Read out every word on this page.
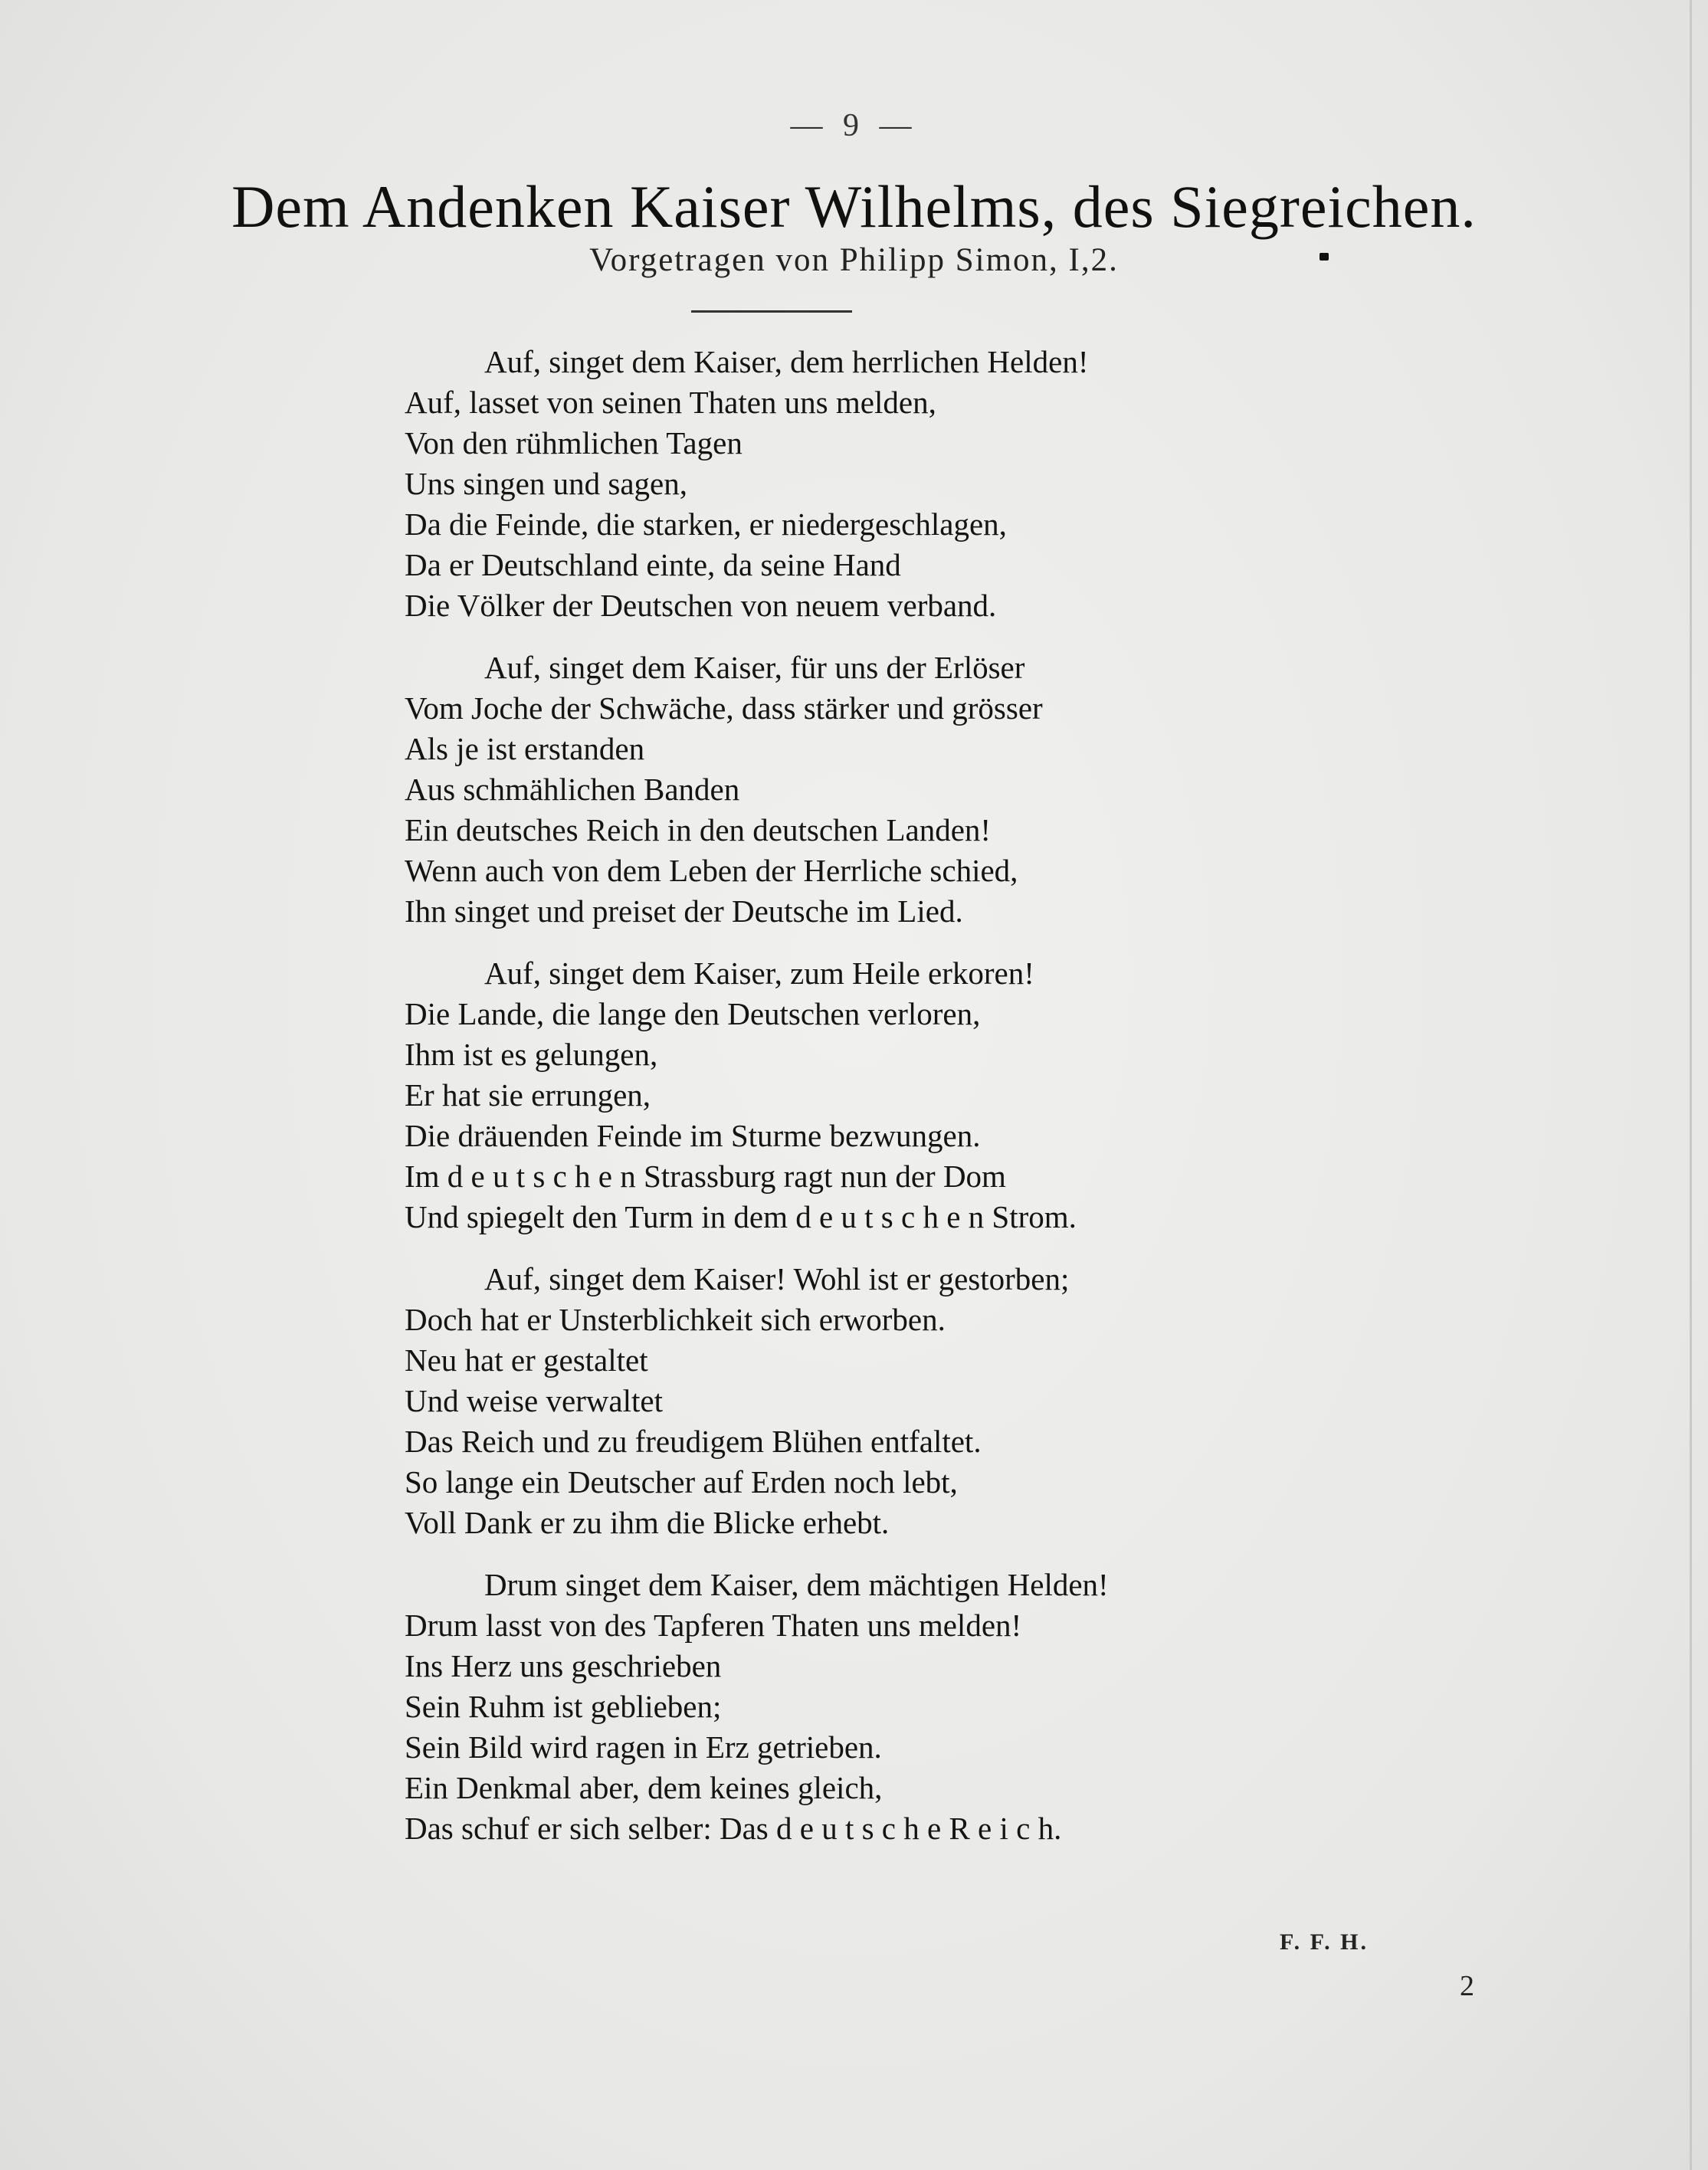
— 9 —
Dem Andenken Kaiser Wilhelms, des Siegreichen.
Vorgetragen von Philipp Simon, I,2.
Auf, singet dem Kaiser, dem herrlichen Helden!
Auf, lasset von seinen Thaten uns melden,
Von den rühmlichen Tagen
Uns singen und sagen,
Da die Feinde, die starken, er niedergeschlagen,
Da er Deutschland einte, da seine Hand
Die Völker der Deutschen von neuem verband.
Auf, singet dem Kaiser, für uns der Erlöser
Vom Joche der Schwäche, dass stärker und grösser
Als je ist erstanden
Aus schmählichen Banden
Ein deutsches Reich in den deutschen Landen!
Wenn auch von dem Leben der Herrliche schied,
Ihn singet und preiset der Deutsche im Lied.
Auf, singet dem Kaiser, zum Heile erkoren!
Die Lande, die lange den Deutschen verloren,
Ihm ist es gelungen,
Er hat sie errungen,
Die dräuenden Feinde im Sturme bezwungen.
Im d e u t s c h e n Strassburg ragt nun der Dom
Und spiegelt den Turm in dem d e u t s c h e n Strom.
Auf, singet dem Kaiser! Wohl ist er gestorben;
Doch hat er Unsterblichkeit sich erworben.
Neu hat er gestaltet
Und weise verwaltet
Das Reich und zu freudigem Blühen entfaltet.
So lange ein Deutscher auf Erden noch lebt,
Voll Dank er zu ihm die Blicke erhebt.
Drum singet dem Kaiser, dem mächtigen Helden!
Drum lasst von des Tapferen Thaten uns melden!
Ins Herz uns geschrieben
Sein Ruhm ist geblieben;
Sein Bild wird ragen in Erz getrieben.
Ein Denkmal aber, dem keines gleich,
Das schuf er sich selber: Das d e u t s c h e R e i c h.
F. F. H.
2
